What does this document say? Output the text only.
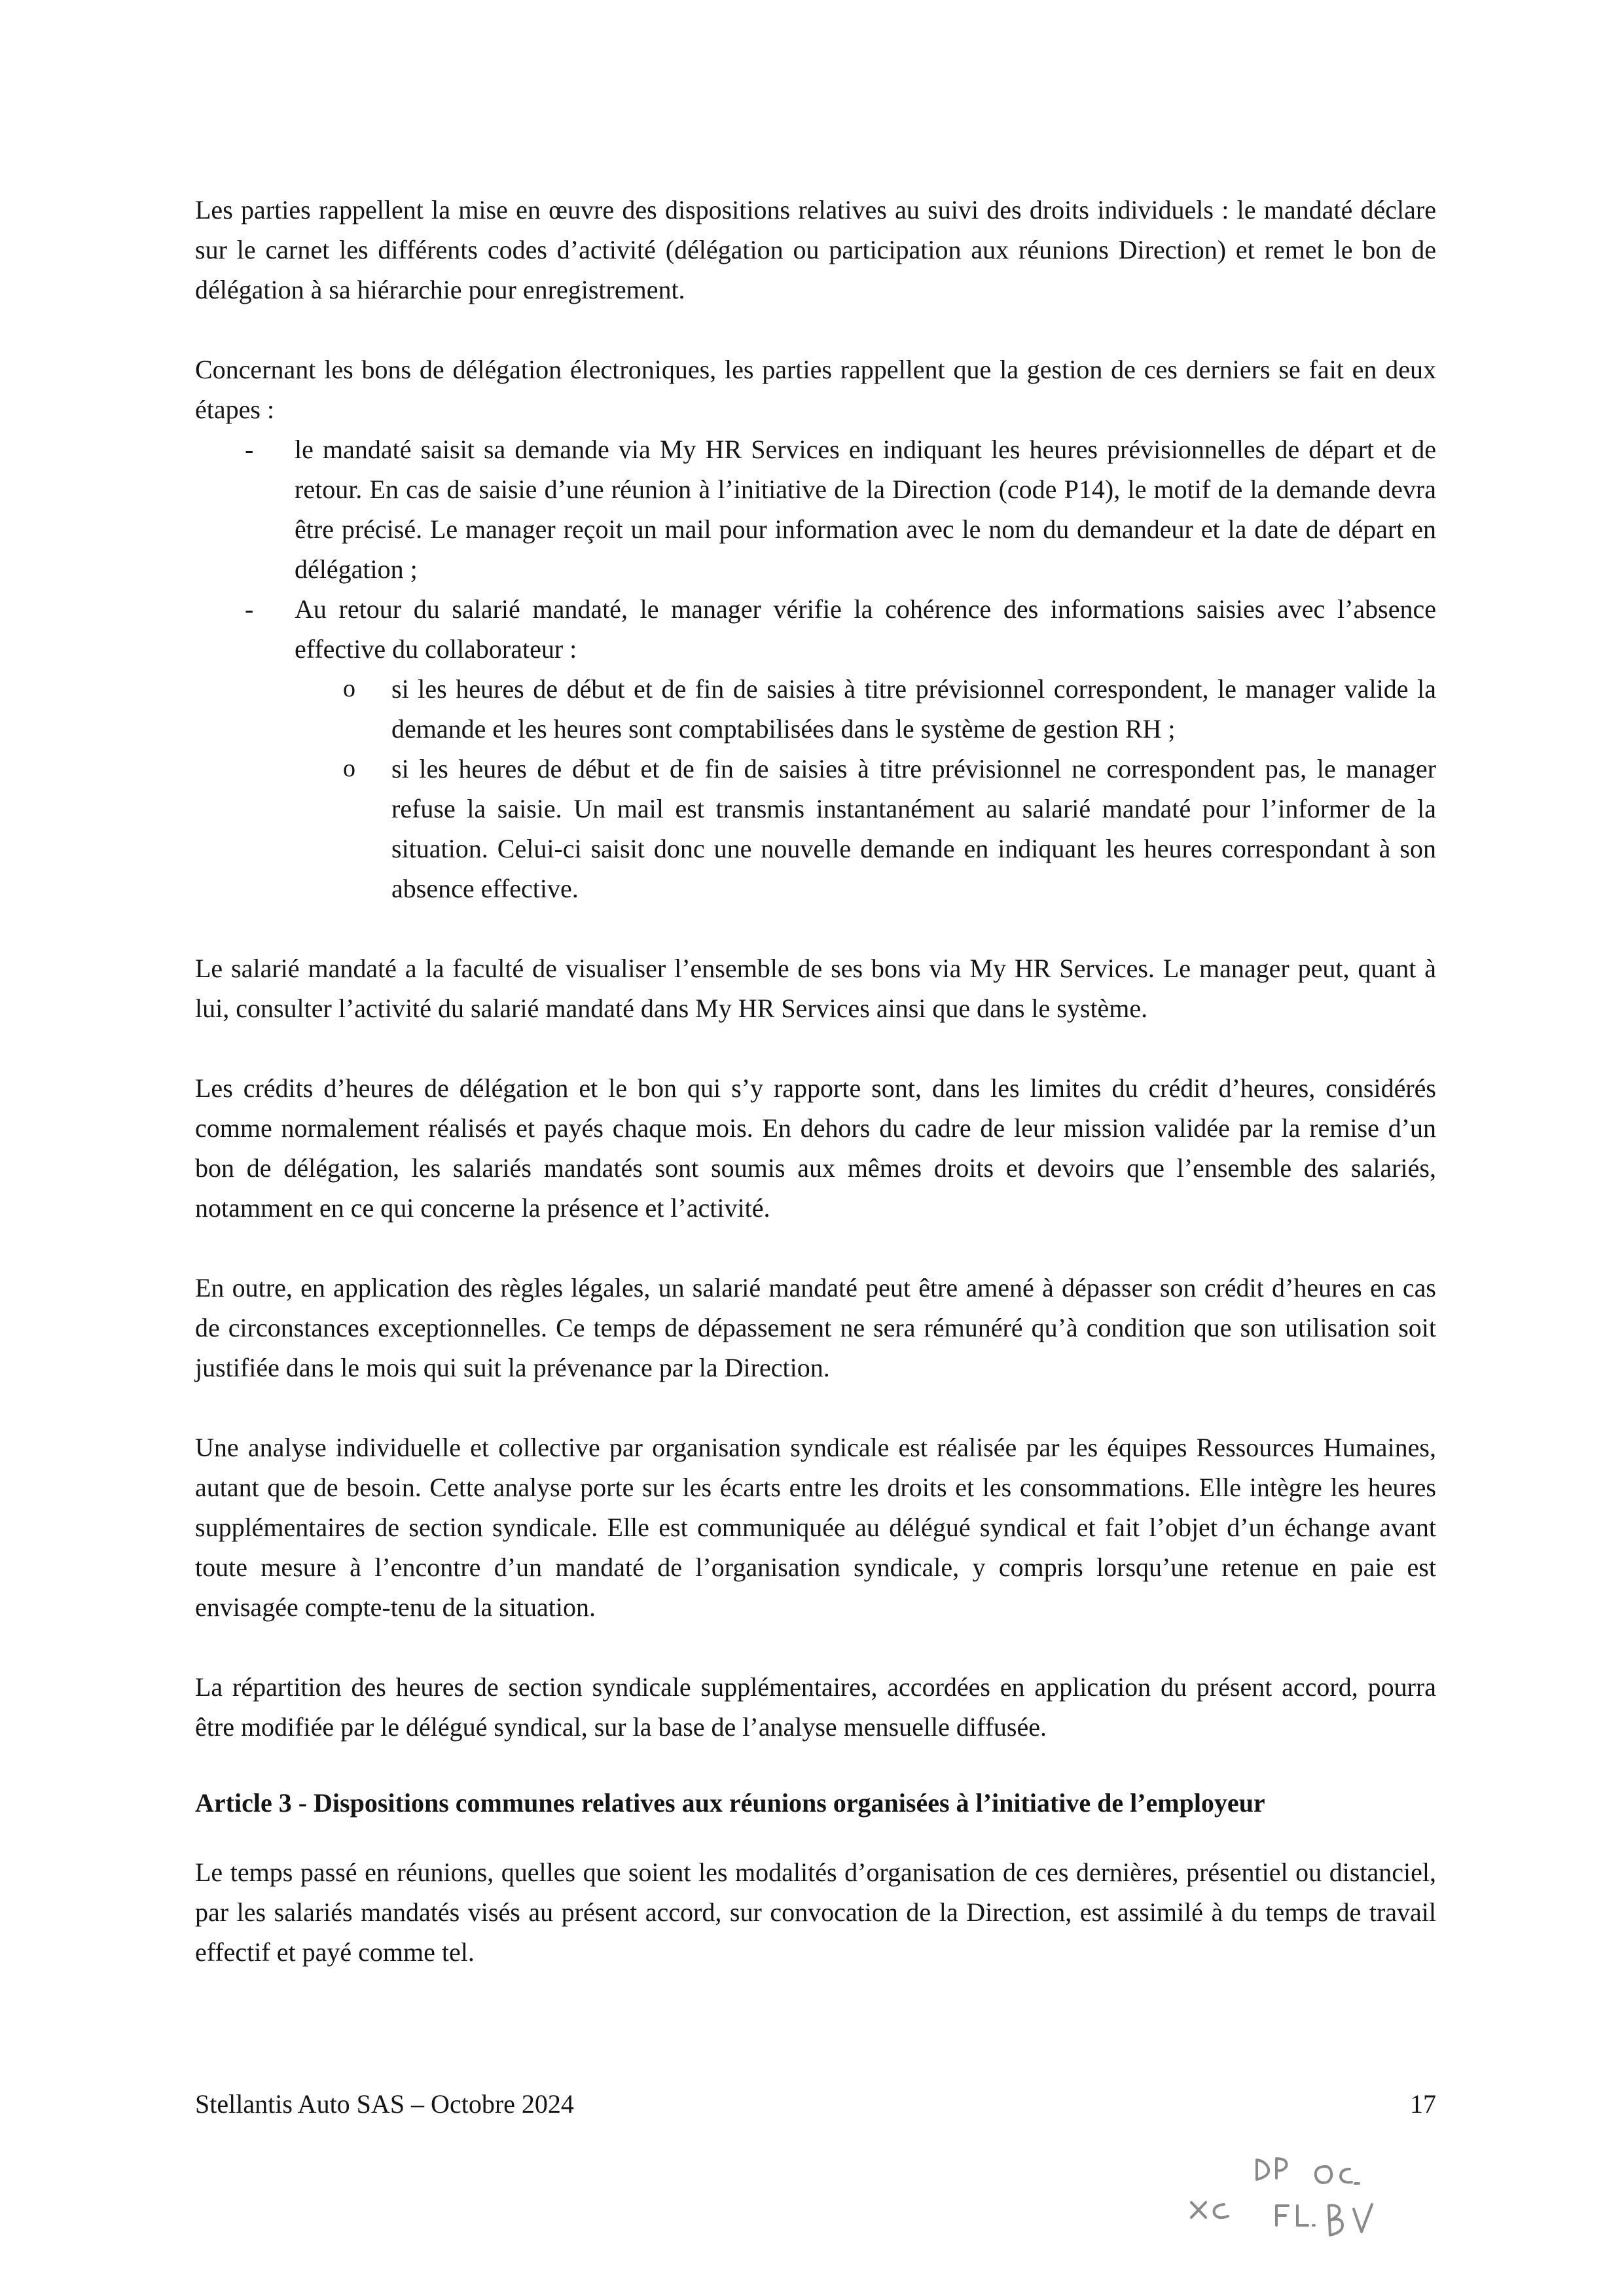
Les parties rappellent la mise en œuvre des dispositions relatives au suivi des droits individuels : le mandaté déclare sur le carnet les différents codes d’activité (délégation ou participation aux réunions Direction) et remet le bon de délégation à sa hiérarchie pour enregistrement.

Concernant les bons de délégation électroniques, les parties rappellent que la gestion de ces derniers se fait en deux étapes :

- le mandaté saisit sa demande via My HR Services en indiquant les heures prévisionnelles de départ et de retour. En cas de saisie d’une réunion à l’initiative de la Direction (code P14), le motif de la demande devra être précisé. Le manager reçoit un mail pour information avec le nom du demandeur et la date de départ en délégation ;
- Au retour du salarié mandaté, le manager vérifie la cohérence des informations saisies avec l’absence effective du collaborateur :
o si les heures de début et de fin de saisies à titre prévisionnel correspondent, le manager valide la demande et les heures sont comptabilisées dans le système de gestion RH ;
o si les heures de début et de fin de saisies à titre prévisionnel ne correspondent pas, le manager refuse la saisie. Un mail est transmis instantanément au salarié mandaté pour l’informer de la situation. Celui-ci saisit donc une nouvelle demande en indiquant les heures correspondant à son absence effective.

Le salarié mandaté a la faculté de visualiser l’ensemble de ses bons via My HR Services. Le manager peut, quant à lui, consulter l’activité du salarié mandaté dans My HR Services ainsi que dans le système.

Les crédits d’heures de délégation et le bon qui s’y rapporte sont, dans les limites du crédit d’heures, considérés comme normalement réalisés et payés chaque mois. En dehors du cadre de leur mission validée par la remise d’un bon de délégation, les salariés mandatés sont soumis aux mêmes droits et devoirs que l’ensemble des salariés, notamment en ce qui concerne la présence et l’activité.

En outre, en application des règles légales, un salarié mandaté peut être amené à dépasser son crédit d’heures en cas de circonstances exceptionnelles. Ce temps de dépassement ne sera rémunéré qu’à condition que son utilisation soit justifiée dans le mois qui suit la prévenance par la Direction.

Une analyse individuelle et collective par organisation syndicale est réalisée par les équipes Ressources Humaines, autant que de besoin. Cette analyse porte sur les écarts entre les droits et les consommations. Elle intègre les heures supplémentaires de section syndicale. Elle est communiquée au délégué syndical et fait l’objet d’un échange avant toute mesure à l’encontre d’un mandaté de l’organisation syndicale, y compris lorsqu’une retenue en paie est envisagée compte-tenu de la situation.

La répartition des heures de section syndicale supplémentaires, accordées en application du présent accord, pourra être modifiée par le délégué syndical, sur la base de l’analyse mensuelle diffusée.

Article 3 - Dispositions communes relatives aux réunions organisées à l’initiative de l’employeur

Le temps passé en réunions, quelles que soient les modalités d’organisation de ces dernières, présentiel ou distanciel, par les salariés mandatés visés au présent accord, sur convocation de la Direction, est assimilé à du temps de travail effectif et payé comme tel.

Stellantis Auto SAS – Octobre 2024	17
